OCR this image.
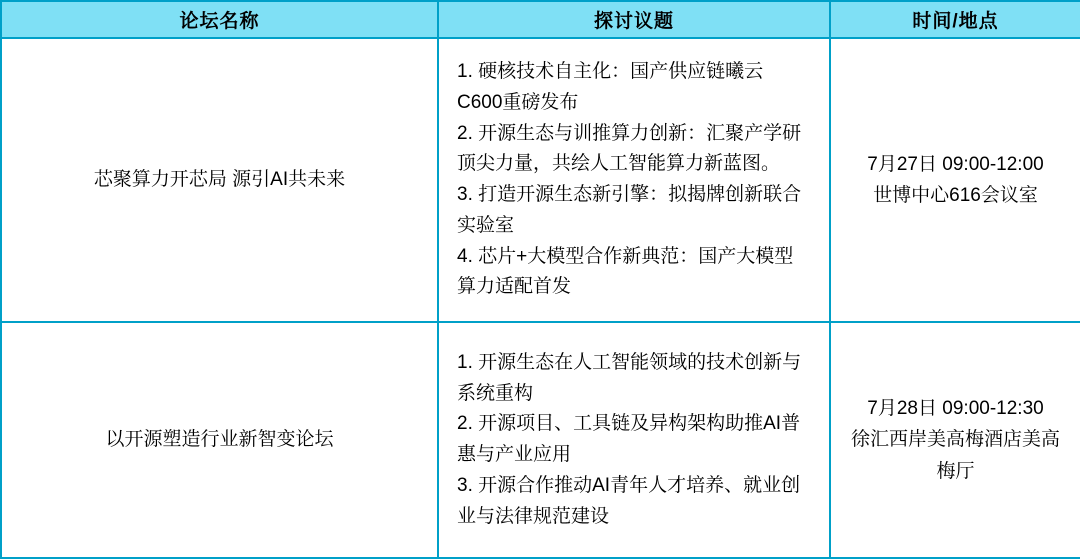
论坛名称	探讨议题	时间/地点
芯聚算力开芯局 源引AI共未来	1. 硬核技术自主化：国产供应链曦云C600重磅发布
2. 开源生态与训推算力创新：汇聚产学研顶尖力量，共绘人工智能算力新蓝图。
3. 打造开源生态新引擎：拟揭牌创新联合实验室
4. 芯片+大模型合作新典范：国产大模型算力适配首发	7月27日 09:00-12:00
世博中心616会议室

以开源塑造行业新智变论坛	1. 开源生态在人工智能领域的技术创新与系统重构
2. 开源项目、工具链及异构架构助推AI普惠与产业应用
3. 开源合作推动AI青年人才培养、就业创业与法律规范建设	7月28日 09:00-12:30
徐汇西岸美高梅酒店美高梅厅
